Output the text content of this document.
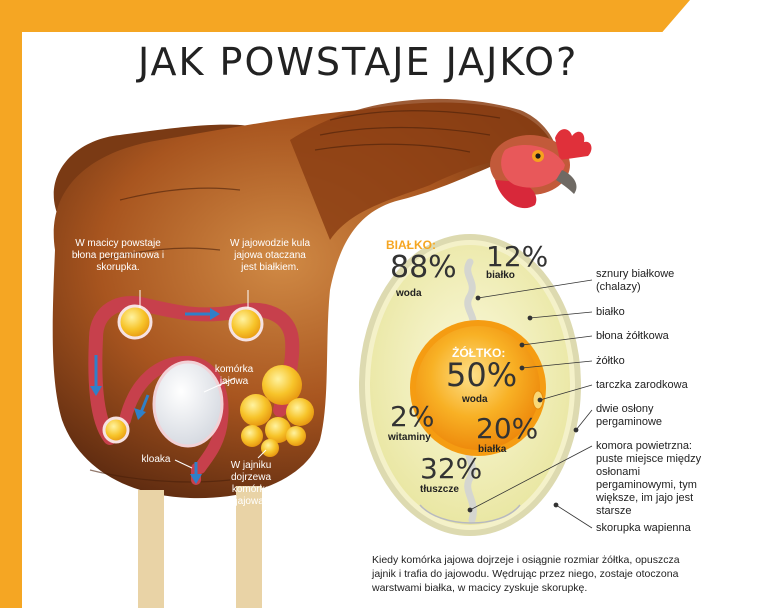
JAK POWSTAJE JAJKO?
W macicy powstaje błona pergaminowa i skorupka.
W jajowodzie kula jajowa otaczana jest białkiem.
komórka jajowa
kloaka
W jajniku dojrzewa komórka jajowa.
BIAŁKO:
88%
woda
12%
białko
ŻÓŁTKO:
50%
woda
2%
witaminy 20%
białka
32%
tłuszcze
sznury białkowe (chalazy)
białko
błona żółtkowa
żółtko
tarczka zarodkowa
dwie osłony pergaminowe
komora powietrzna: puste miejsce między osłonami pergaminowymi, tym większe, im jajo jest starsze
skorupka wapienna
Kiedy komórka jajowa dojrzeje i osiągnie rozmiar żółtka, opuszcza jajnik i trafia do jajowodu. Wędrując przez niego, zostaje otoczona warstwami białka, w macicy zyskuje skorupkę.
